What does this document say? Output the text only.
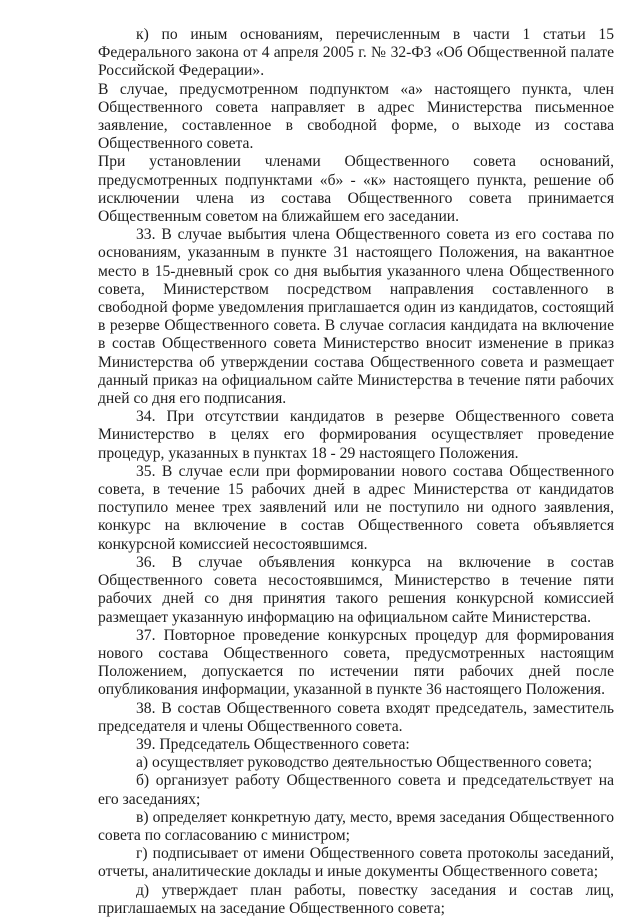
к) по иным основаниям, перечисленным в части 1 статьи 15 Федерального закона от 4 апреля 2005 г. № 32-ФЗ «Об Общественной палате Российской Федерации».

В случае, предусмотренном подпунктом «а» настоящего пункта, член Общественного совета направляет в адрес Министерства письменное заявление, составленное в свободной форме, о выходе из состава Общественного совета.

При установлении членами Общественного совета оснований, предусмотренных подпунктами «б» - «к» настоящего пункта, решение об исключении члена из состава Общественного совета принимается Общественным советом на ближайшем его заседании.

33. В случае выбытия члена Общественного совета из его состава по основаниям, указанным в пункте 31 настоящего Положения, на вакантное место в 15-дневный срок со дня выбытия указанного члена Общественного совета, Министерством посредством направления составленного в свободной форме уведомления приглашается один из кандидатов, состоящий в резерве Общественного совета. В случае согласия кандидата на включение в состав Общественного совета Министерство вносит изменение в приказ Министерства об утверждении состава Общественного совета и размещает данный приказ на официальном сайте Министерства в течение пяти рабочих дней со дня его подписания.

34. При отсутствии кандидатов в резерве Общественного совета Министерство в целях его формирования осуществляет проведение процедур, указанных в пунктах 18 - 29 настоящего Положения.

35. В случае если при формировании нового состава Общественного совета, в течение 15 рабочих дней в адрес Министерства от кандидатов поступило менее трех заявлений или не поступило ни одного заявления, конкурс на включение в состав Общественного совета объявляется конкурсной комиссией несостоявшимся.

36. В случае объявления конкурса на включение в состав Общественного совета несостоявшимся, Министерство в течение пяти рабочих дней со дня принятия такого решения конкурсной комиссией размещает указанную информацию на официальном сайте Министерства.

37. Повторное проведение конкурсных процедур для формирования нового состава Общественного совета, предусмотренных настоящим Положением, допускается по истечении пяти рабочих дней после опубликования информации, указанной в пункте 36 настоящего Положения.

38. В состав Общественного совета входят председатель, заместитель председателя и члены Общественного совета.

39. Председатель Общественного совета:

а) осуществляет руководство деятельностью Общественного совета;

б) организует работу Общественного совета и председательствует на его заседаниях;

в) определяет конкретную дату, место, время заседания Общественного совета по согласованию с министром;

г) подписывает от имени Общественного совета протоколы заседаний, отчеты, аналитические доклады и иные документы Общественного совета;

д) утверждает план работы, повестку заседания и состав лиц, приглашаемых на заседание Общественного совета;
